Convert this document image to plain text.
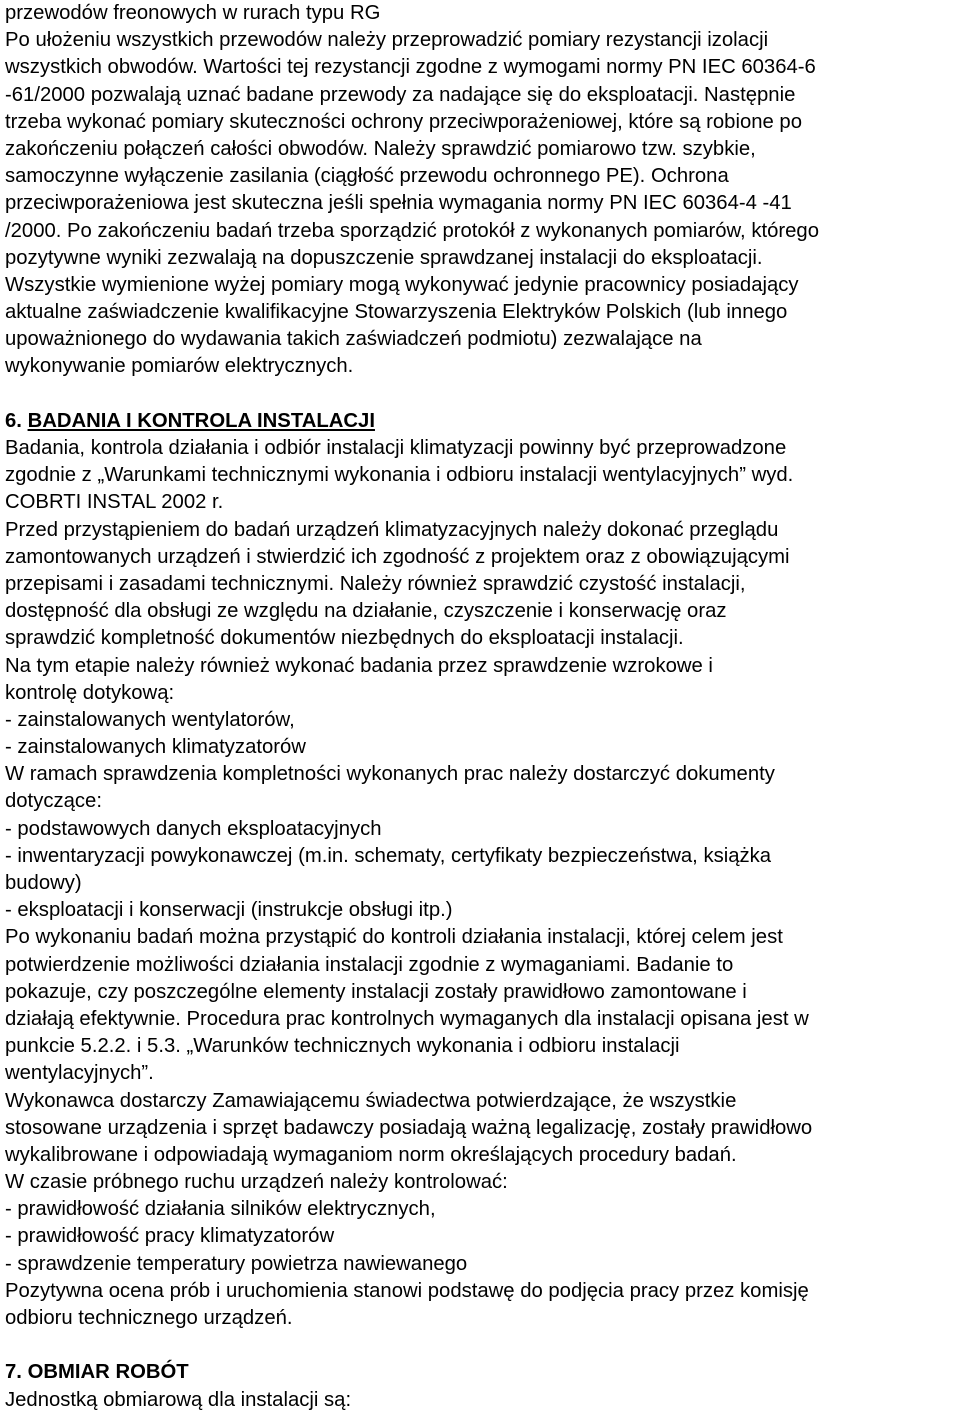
przewodów freonowych w rurach typu RG
Po ułożeniu wszystkich przewodów należy przeprowadzić pomiary rezystancji izolacji
wszystkich obwodów. Wartości tej rezystancji zgodne z wymogami normy PN IEC 60364-6
-61/2000 pozwalają uznać badane przewody za nadające się do eksploatacji. Następnie
trzeba wykonać pomiary skuteczności ochrony przeciwporażeniowej, które są robione po
zakończeniu połączeń całości obwodów. Należy sprawdzić pomiarowo tzw. szybkie,
samoczynne wyłączenie zasilania (ciągłość przewodu ochronnego PE). Ochrona
przeciwporażeniowa jest skuteczna jeśli spełnia wymagania normy PN IEC 60364-4 -41
/2000. Po zakończeniu badań trzeba sporządzić protokół z wykonanych pomiarów, którego
pozytywne wyniki zezwalają na dopuszczenie sprawdzanej instalacji do eksploatacji.
Wszystkie wymienione wyżej pomiary mogą wykonywać jedynie pracownicy posiadający
aktualne zaświadczenie kwalifikacyjne Stowarzyszenia Elektryków Polskich (lub innego
upoważnionego do wydawania takich zaświadczeń podmiotu) zezwalające na
wykonywanie pomiarów elektrycznych.
6. BADANIA I KONTROLA INSTALACJI
Badania, kontrola działania i odbiór instalacji klimatyzacji powinny być przeprowadzone
zgodnie z „Warunkami technicznymi wykonania i odbioru instalacji wentylacyjnych” wyd.
COBRTI INSTAL 2002 r.
Przed przystąpieniem do badań urządzeń klimatyzacyjnych należy dokonać przeglądu
zamontowanych urządzeń i stwierdzić ich zgodność z projektem oraz z obowiązującymi
przepisami i zasadami technicznymi. Należy również sprawdzić czystość instalacji,
dostępność dla obsługi ze względu na działanie, czyszczenie i konserwację oraz
sprawdzić kompletność dokumentów niezbędnych do eksploatacji instalacji.
Na tym etapie należy również wykonać badania przez sprawdzenie wzrokowe i
kontrolę dotykową:
- zainstalowanych wentylatorów,
- zainstalowanych klimatyzatorów
W ramach sprawdzenia kompletności wykonanych prac należy dostarczyć dokumenty
dotyczące:
- podstawowych danych eksploatacyjnych
- inwentaryzacji powykonawczej (m.in. schematy, certyfikaty bezpieczeństwa, książka
budowy)
- eksploatacji i konserwacji (instrukcje obsługi itp.)
Po wykonaniu badań można przystąpić do kontroli działania instalacji, której celem jest
potwierdzenie możliwości działania instalacji zgodnie z wymaganiami. Badanie to
pokazuje, czy poszczególne elementy instalacji zostały prawidłowo zamontowane i
działają efektywnie. Procedura prac kontrolnych wymaganych dla instalacji opisana jest w
punkcie 5.2.2. i 5.3. „Warunków technicznych wykonania i odbioru instalacji
wentylacyjnych”.
Wykonawca dostarczy Zamawiającemu świadectwa potwierdzające, że wszystkie
stosowane urządzenia i sprzęt badawczy posiadają ważną legalizację, zostały prawidłowo
wykalibrowane i odpowiadają wymaganiom norm określających procedury badań.
W czasie próbnego ruchu urządzeń należy kontrolować:
- prawidłowość działania silników elektrycznych,
- prawidłowość pracy klimatyzatorów
- sprawdzenie temperatury powietrza nawiewanego
Pozytywna ocena prób i uruchomienia stanowi podstawę do podjęcia pracy przez komisję
odbioru technicznego urządzeń.
7. OBMIAR ROBÓT
Jednostką obmiarową dla instalacji są:
